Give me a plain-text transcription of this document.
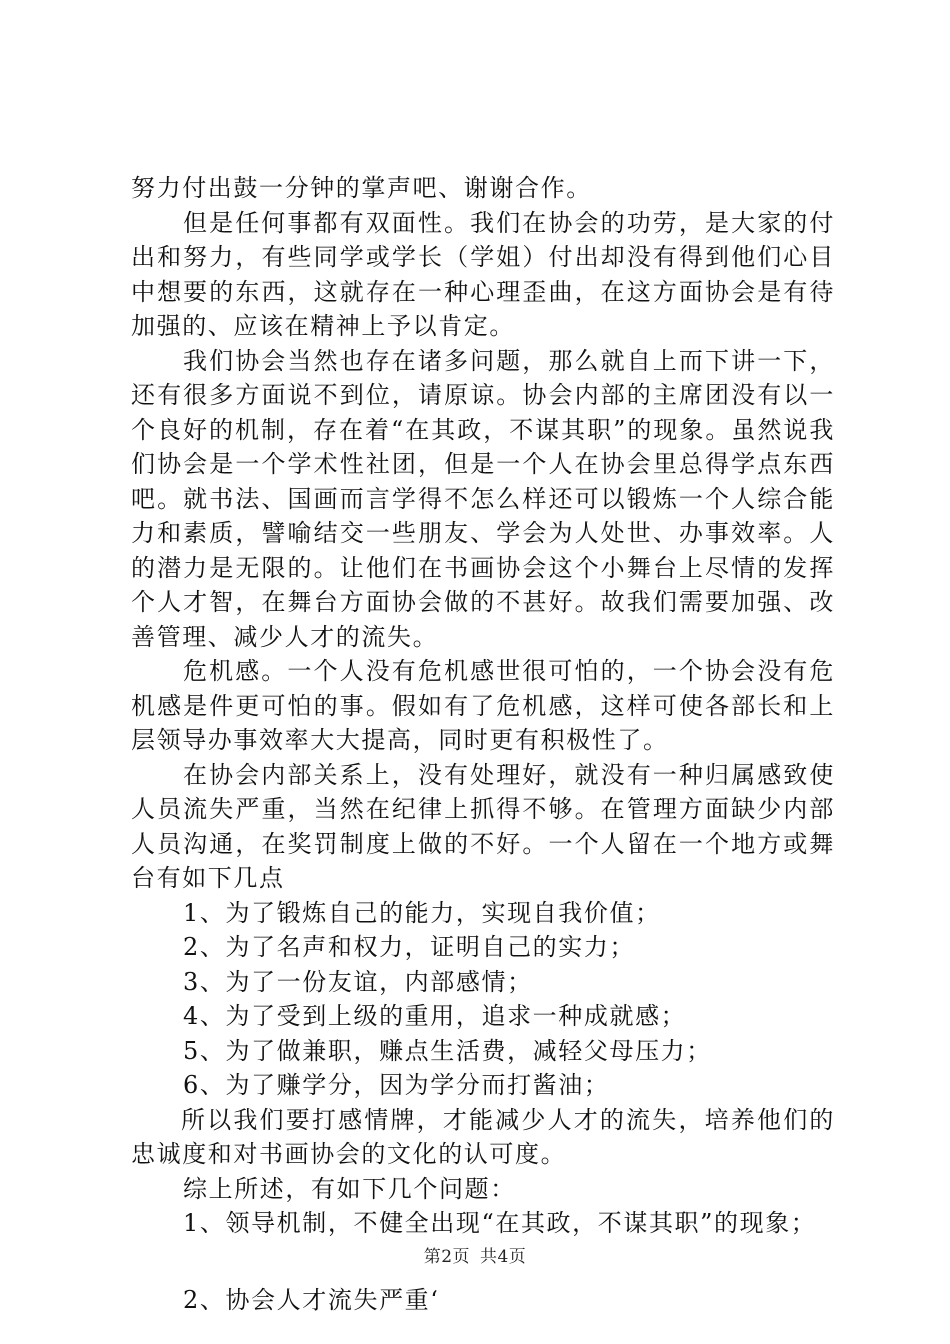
努力付出鼓一分钟的掌声吧、谢谢合作。

但是任何事都有双面性。我们在协会的功劳，是大家的付出和努力，有些同学或学长（学姐）付出却没有得到他们心目中想要的东西，这就存在一种心理歪曲，在这方面协会是有待加强的、应该在精神上予以肯定。

我们协会当然也存在诸多问题，那么就自上而下讲一下，还有很多方面说不到位，请原谅。协会内部的主席团没有以一个良好的机制，存在着“在其政，不谋其职”的现象。虽然说我们协会是一个学术性社团，但是一个人在协会里总得学点东西吧。就书法、国画而言学得不怎么样还可以锻炼一个人综合能力和素质，譬喻结交一些朋友、学会为人处世、办事效率。人的潜力是无限的。让他们在书画协会这个小舞台上尽情的发挥个人才智，在舞台方面协会做的不甚好。故我们需要加强、改善管理、减少人才的流失。

危机感。一个人没有危机感世很可怕的，一个协会没有危机感是件更可怕的事。假如有了危机感，这样可使各部长和上层领导办事效率大大提高，同时更有积极性了。

在协会内部关系上，没有处理好，就没有一种归属感致使人员流失严重，当然在纪律上抓得不够。在管理方面缺少内部人员沟通，在奖罚制度上做的不好。一个人留在一个地方或舞台有如下几点

1、为了锻炼自己的能力，实现自我价值；

2、为了名声和权力，证明自己的实力；

3、为了一份友谊，内部感情；

4、为了受到上级的重用，追求一种成就感；

5、为了做兼职，赚点生活费，减轻父母压力；

6、为了赚学分，因为学分而打酱油；

所以我们要打感情牌，才能减少人才的流失，培养他们的忠诚度和对书画协会的文化的认可度。

综上所述，有如下几个问题：

1、领导机制，不健全出现“在其政，不谋其职”的现象；

2、协会人才流失严重‘

第2页 共4页
